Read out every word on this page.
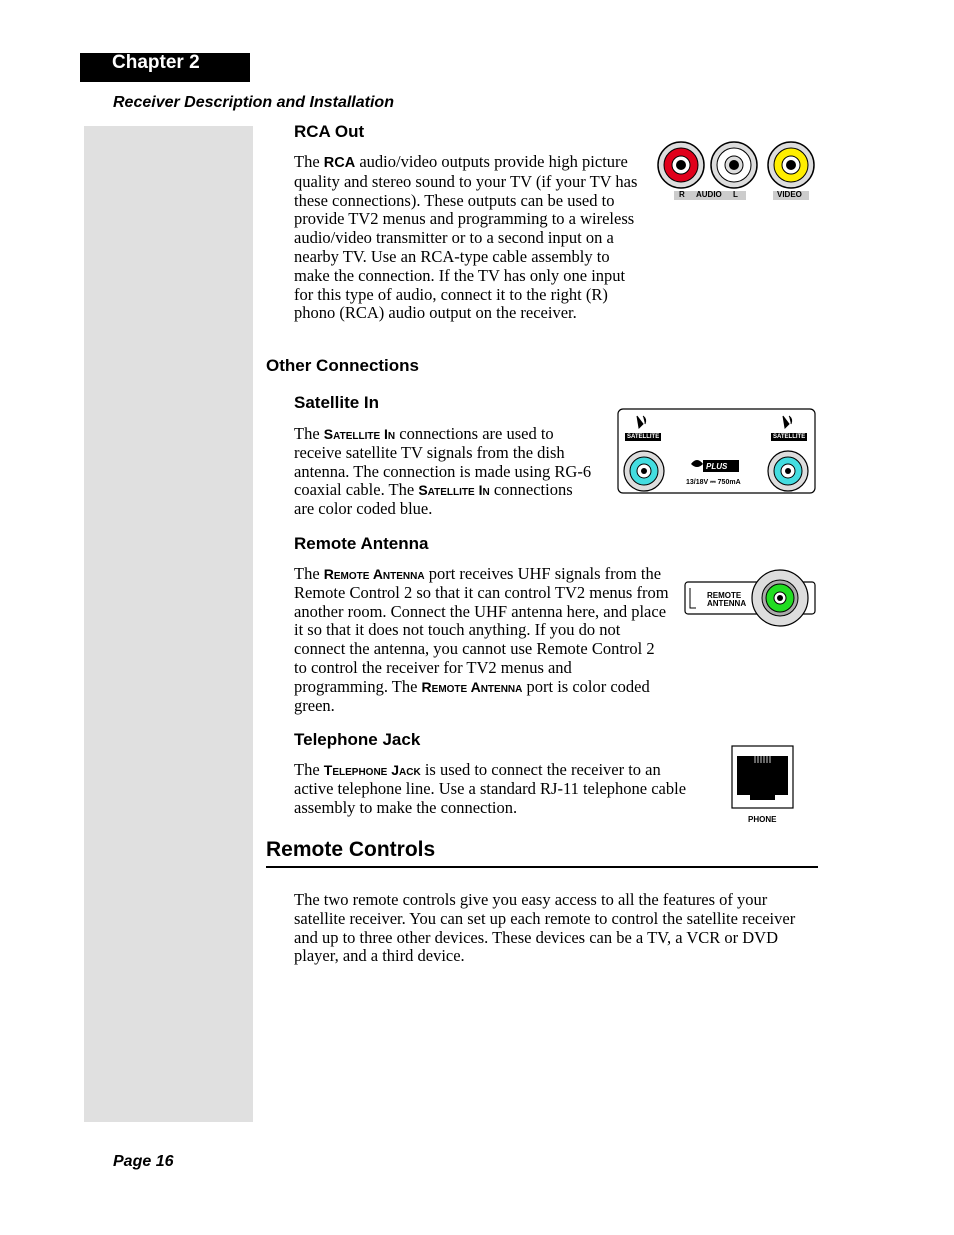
Chapter 2
Receiver Description and Installation
RCA Out
The RCA audio/video outputs provide high picture quality and stereo sound to your TV (if your TV has these connections). These outputs can be used to provide TV2 menus and programming to a wireless audio/video transmitter or to a second input on a nearby TV. Use an RCA-type cable assembly to make the connection. If the TV has only one input for this type of audio, connect it to the right (R) phono (RCA) audio output on the receiver.
R AUDIO L	VIDEO
Other Connections
Satellite In
The Satellite In connections are used to receive satellite TV signals from the dish antenna. The connection is made using RG-6 coaxial cable. The Satellite In connections are color coded blue.
SATELLITE IN	SATELLITE IN
PLUS
13/18V ⎓ 750mA
Remote Antenna
The Remote Antenna port receives UHF signals from the Remote Control 2 so that it can control TV2 menus from another room. Connect the UHF antenna here, and place it so that it does not touch anything. If you do not connect the antenna, you cannot use Remote Control 2 to control the receiver for TV2 menus and programming. The Remote Antenna port is color coded green.
REMOTE
ANTENNA
Telephone Jack
The Telephone Jack is used to connect the receiver to an active telephone line. Use a standard RJ-11 telephone cable assembly to make the connection.
PHONE
Remote Controls
The two remote controls give you easy access to all the features of your satellite receiver. You can set up each remote to control the satellite receiver and up to three other devices. These devices can be a TV, a VCR or DVD player, and a third device.
Page 16
